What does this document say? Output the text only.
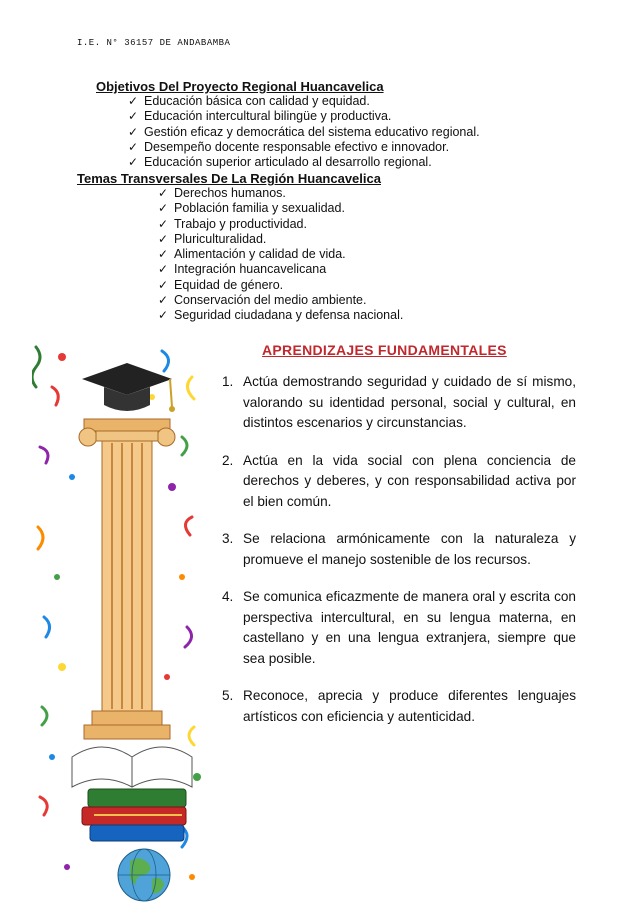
I.E. N° 36157 DE ANDABAMBA
Objetivos Del Proyecto Regional Huancavelica
✓ Educación básica con calidad y equidad.
✓ Educación intercultural bilingüe y productiva.
✓ Gestión eficaz y democrática del sistema educativo regional.
✓ Desempeño docente responsable efectivo e innovador.
✓ Educación superior articulado al desarrollo regional.
Temas Transversales De La Región Huancavelica
✓ Derechos humanos.
✓ Población familia y sexualidad.
✓ Trabajo y productividad.
✓ Pluriculturalidad.
✓ Alimentación y calidad de vida.
✓ Integración huancavelicana
✓ Equidad de género.
✓ Conservación del medio ambiente.
✓ Seguridad ciudadana y defensa nacional.
APRENDIZAJES FUNDAMENTALES
1. Actúa demostrando seguridad y cuidado de sí mismo, valorando su identidad personal, social y cultural, en distintos escenarios y circunstancias.
2. Actúa en la vida social con plena conciencia de derechos y deberes, y con responsabilidad activa por el bien común.
3. Se relaciona armónicamente con la naturaleza y promueve el manejo sostenible de los recursos.
4. Se comunica eficazmente de manera oral y escrita con perspectiva intercultural, en su lengua materna, en castellano y en una lengua extranjera, siempre que sea posible.
5. Reconoce, aprecia y produce diferentes lenguajes artísticos con eficiencia y autenticidad.
